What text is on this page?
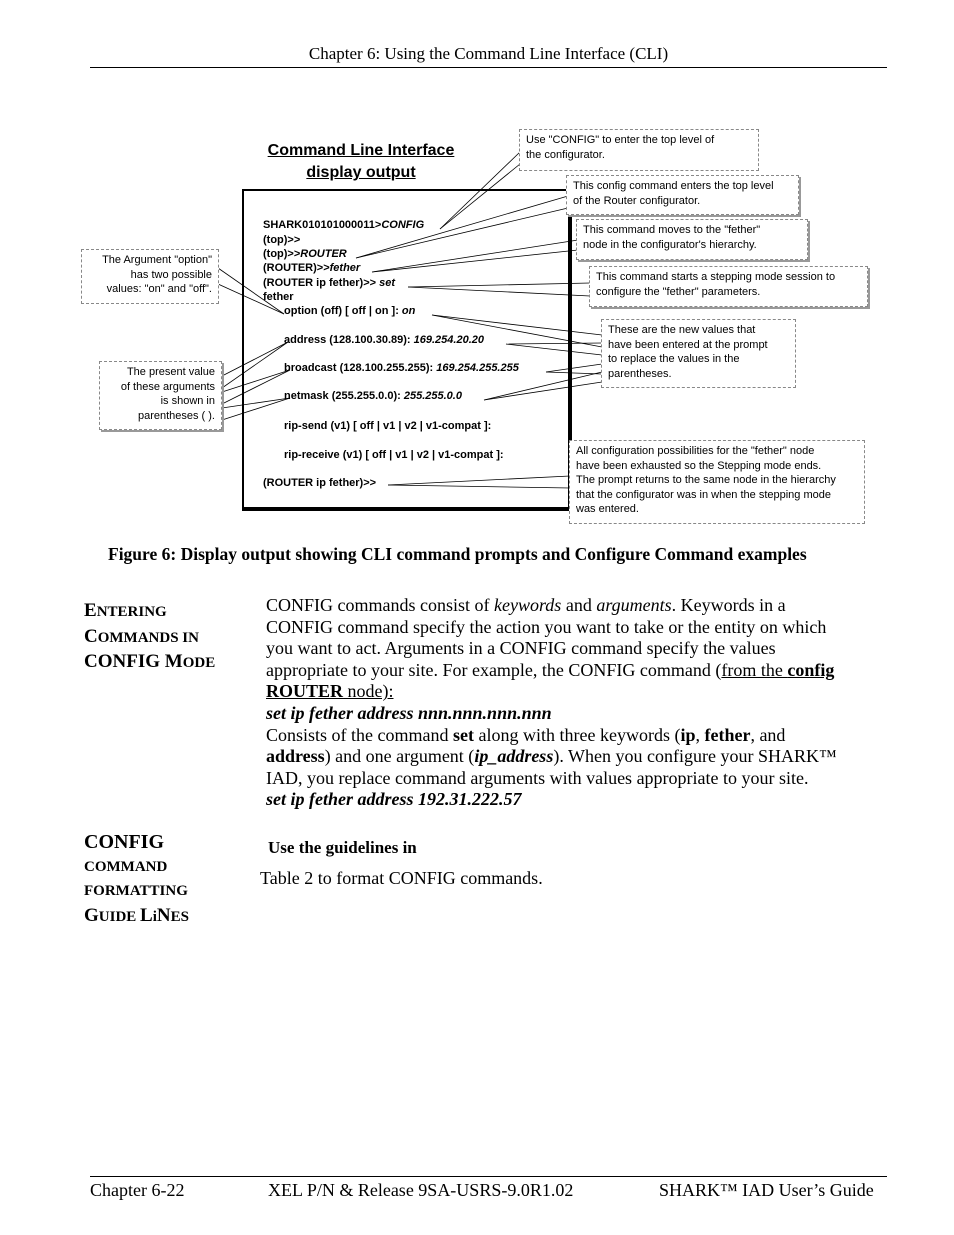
Chapter 6: Using the Command Line Interface (CLI)
Command Line Interface
display output
SHARK010101000011>CONFIG
(top)>>
(top)>>ROUTER
(ROUTER)>>fether
(ROUTER ip fether)>> set
fether
option (off) [ off | on ]: on
address (128.100.30.89): 169.254.20.20
broadcast (128.100.255.255): 169.254.255.255
netmask (255.255.0.0): 255.255.0.0
rip-send (v1) [ off | v1 | v2 | v1-compat ]:
rip-receive (v1) [ off | v1 | v2 | v1-compat ]:
(ROUTER ip fether)>>
Use "CONFIG" to enter the top level of
the configurator.
This config command enters the top level
of the Router configurator.
This command moves to the "fether"
node in the configurator's hierarchy.
This command starts a stepping mode session to
configure the "fether" parameters.
These are the new values that
have been entered at the prompt
to replace the values in the
parentheses.
All configuration possibilities for the "fether" node
have been exhausted so the Stepping mode ends.
The prompt returns to the same node in the hierarchy
that the configurator was in when the stepping mode
was entered.
The Argument "option"
has two possible
values: "on" and "off".
The present value
of these arguments
is shown in
parentheses ( ).
Figure 6: Display output showing CLI command prompts and Configure Command examples
ENTERING
COMMANDS IN
CONFIG MODE
CONFIG commands consist of keywords and arguments. Keywords in a
CONFIG command specify the action you want to take or the entity on which
you want to act. Arguments in a CONFIG command specify the values
appropriate to your site. For example, the CONFIG command (from the config
ROUTER node):
set ip fether address nnn.nnn.nnn.nnn
Consists of the command set along with three keywords (ip, fether, and
address) and one argument (ip_address). When you configure your SHARK™
IAD, you replace command arguments with values appropriate to your site.
set ip fether address 192.31.222.57
CONFIG
COMMAND
FORMATTING
GUIDE LiNES
Use the guidelines in
Table 2 to format CONFIG commands.
Chapter 6-22	XEL P/N & Release 9SA-USRS-9.0R1.02	SHARK™ IAD User’s Guide
